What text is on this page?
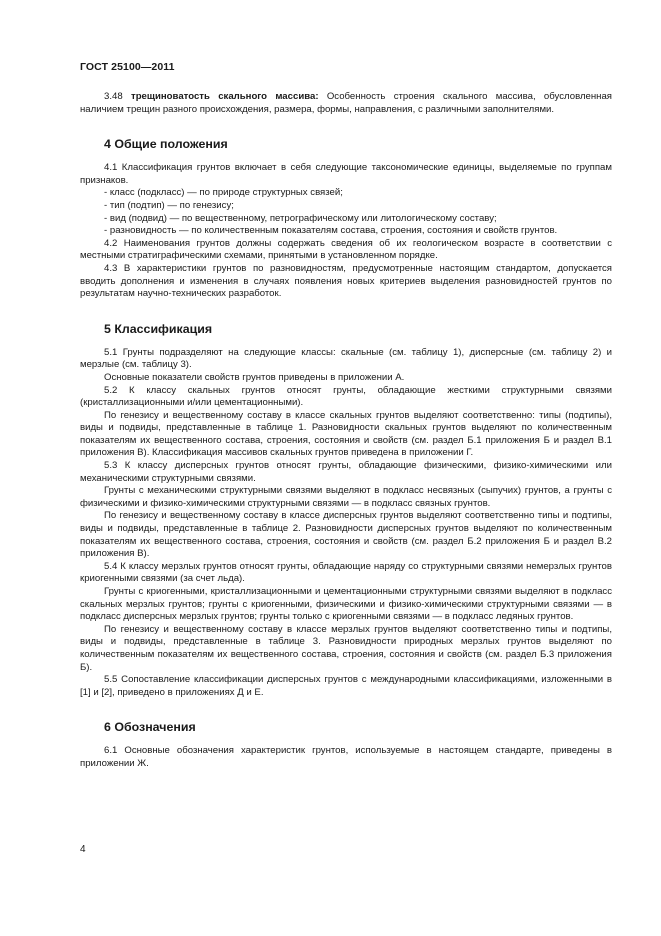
ГОСТ 25100—2011

3.48 трещиноватость скального массива: Особенность строения скального массива, обусловленная наличием трещин разного происхождения, размера, формы, направления, с различными заполнителями.

4 Общие положения

4.1 Классификация грунтов включает в себя следующие таксономические единицы, выделяемые по группам признаков.

- класс (подкласс) — по природе структурных связей;

- тип (подтип) — по генезису;

- вид (подвид) — по вещественному, петрографическому или литологическому составу;

- разновидность — по количественным показателям состава, строения, состояния и свойств грунтов.

4.2 Наименования грунтов должны содержать сведения об их геологическом возрасте в соответствии с местными стратиграфическими схемами, принятыми в установленном порядке.

4.3 В характеристики грунтов по разновидностям, предусмотренные настоящим стандартом, допускается вводить дополнения и изменения в случаях появления новых критериев выделения разновидностей грунтов по результатам научно-технических разработок.

5 Классификация

5.1 Грунты подразделяют на следующие классы: скальные (см. таблицу 1), дисперсные (см. таблицу 2) и мерзлые (см. таблицу 3).

Основные показатели свойств грунтов приведены в приложении А.

5.2 К классу скальных грунтов относят грунты, обладающие жесткими структурными связями (кристаллизационными и/или цементационными).

По генезису и вещественному составу в классе скальных грунтов выделяют соответственно: типы (подтипы), виды и подвиды, представленные в таблице 1. Разновидности скальных грунтов выделяют по количественным показателям их вещественного состава, строения, состояния и свойств (см. раздел Б.1 приложения Б и раздел В.1 приложения В). Классификация массивов скальных грунтов приведена в приложении Г.

5.3 К классу дисперсных грунтов относят грунты, обладающие физическими, физико-химическими или механическими структурными связями.

Грунты с механическими структурными связями выделяют в подкласс несвязных (сыпучих) грунтов, а грунты с физическими и физико-химическими структурными связями — в подкласс связных грунтов.

По генезису и вещественному составу в классе дисперсных грунтов выделяют соответственно типы и подтипы, виды и подвиды, представленные в таблице 2. Разновидности дисперсных грунтов выделяют по количественным показателям их вещественного состава, строения, состояния и свойств (см. раздел Б.2 приложения Б и раздел В.2 приложения В).

5.4 К классу мерзлых грунтов относят грунты, обладающие наряду со структурными связями немерзлых грунтов криогенными связями (за счет льда).

Грунты с криогенными, кристаллизационными и цементационными структурными связями выделяют в подкласс скальных мерзлых грунтов; грунты с криогенными, физическими и физико-химическими структурными связями — в подкласс дисперсных мерзлых грунтов; грунты только с криогенными связями — в подкласс ледяных грунтов.

По генезису и вещественному составу в классе мерзлых грунтов выделяют соответственно типы и подтипы, виды и подвиды, представленные в таблице 3. Разновидности природных мерзлых грунтов выделяют по количественным показателям их вещественного состава, строения, состояния и свойств (см. раздел Б.3 приложения Б).

5.5 Сопоставление классификации дисперсных грунтов с международными классификациями, изложенными в [1] и [2], приведено в приложениях Д и Е.

6 Обозначения

6.1 Основные обозначения характеристик грунтов, используемые в настоящем стандарте, приведены в приложении Ж.

4
